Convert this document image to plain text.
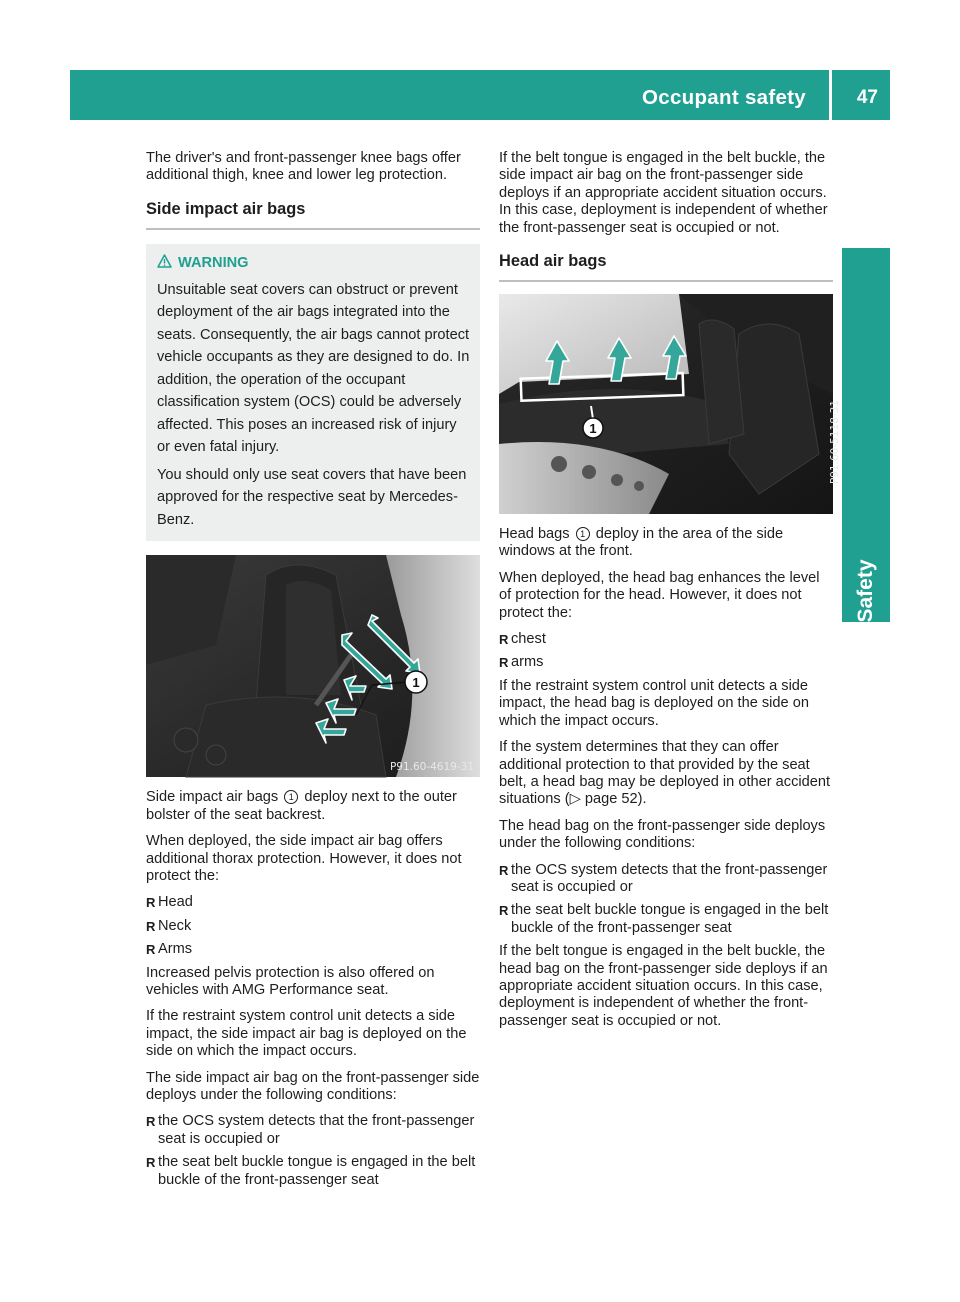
Occupant safety	47
Safety

The driver's and front-passenger knee bags offer additional thigh, knee and lower leg protection.

Side impact air bags
WARNING

Unsuitable seat covers can obstruct or prevent deployment of the air bags integrated into the seats. Consequently, the air bags cannot protect vehicle occupants as they are designed to do. In addition, the operation of the occupant classification system (OCS) could be adversely affected. This poses an increased risk of injury or even fatal injury.

You should only use seat covers that have been approved for the respective seat by Mercedes-Benz.

1
P91.60-4619-31

Side impact air bags 1 deploy next to the outer bolster of the seat backrest.

When deployed, the side impact air bag offers additional thorax protection. However, it does not protect the:

R Head
R Neck
R Arms

Increased pelvis protection is also offered on vehicles with AMG Performance seat.

If the restraint system control unit detects a side impact, the side impact air bag is deployed on the side on which the impact occurs.

The side impact air bag on the front-passenger side deploys under the following conditions:

R the OCS system detects that the front-passenger seat is occupied or
R the seat belt buckle tongue is engaged in the belt buckle of the front-passenger seat

If the belt tongue is engaged in the belt buckle, the side impact air bag on the front-passenger side deploys if an appropriate accident situation occurs. In this case, deployment is independent of whether the front-passenger seat is occupied or not.

Head air bags
1	P91.60-5118-31

Head bags 1 deploy in the area of the side windows at the front.

When deployed, the head bag enhances the level of protection for the head. However, it does not protect the:

R chest
R arms

If the restraint system control unit detects a side impact, the head bag is deployed on the side on which the impact occurs.

If the system determines that they can offer additional protection to that provided by the seat belt, a head bag may be deployed in other accident situations (▷ page 52).

The head bag on the front-passenger side deploys under the following conditions:

R the OCS system detects that the front-passenger seat is occupied or
R the seat belt buckle tongue is engaged in the belt buckle of the front-passenger seat

If the belt tongue is engaged in the belt buckle, the head bag on the front-passenger side deploys if an appropriate accident situation occurs. In this case, deployment is independent of whether the front-passenger seat is occupied or not.
